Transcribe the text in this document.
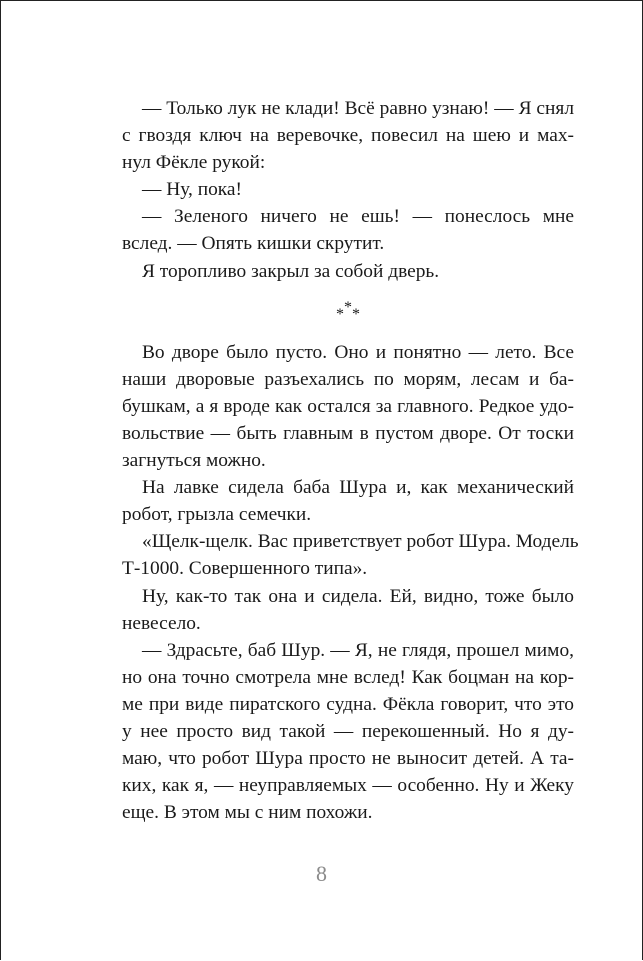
— Только лук не клади! Всё равно узнаю! — Я снял
с гвоздя ключ на веревочке, повесил на шею и мах-
нул Фёкле рукой:
— Ну, пока!
— Зеленого ничего не ешь! — понеслось мне
вслед. — Опять кишки скрутит.
Я торопливо закрыл за собой дверь.
***
Во дворе было пусто. Оно и понятно — лето. Все
наши дворовые разъехались по морям, лесам и ба-
бушкам, а я вроде как остался за главного. Редкое удо-
вольствие — быть главным в пустом дворе. От тоски
загнуться можно.
На лавке сидела баба Шура и, как механический
робот, грызла семечки.
«Щелк-щелк. Вас приветствует робот Шура. Модель
Т-1000. Совершенного типа».
Ну, как-то так она и сидела. Ей, видно, тоже было
невесело.
— Здрасьте, баб Шур. — Я, не глядя, прошел мимо,
но она точно смотрела мне вслед! Как боцман на кор-
ме при виде пиратского судна. Фёкла говорит, что это
у нее просто вид такой — перекошенный. Но я ду-
маю, что робот Шура просто не выносит детей. А та-
ких, как я, — неуправляемых — особенно. Ну и Жеку
еще. В этом мы с ним похожи.
8
